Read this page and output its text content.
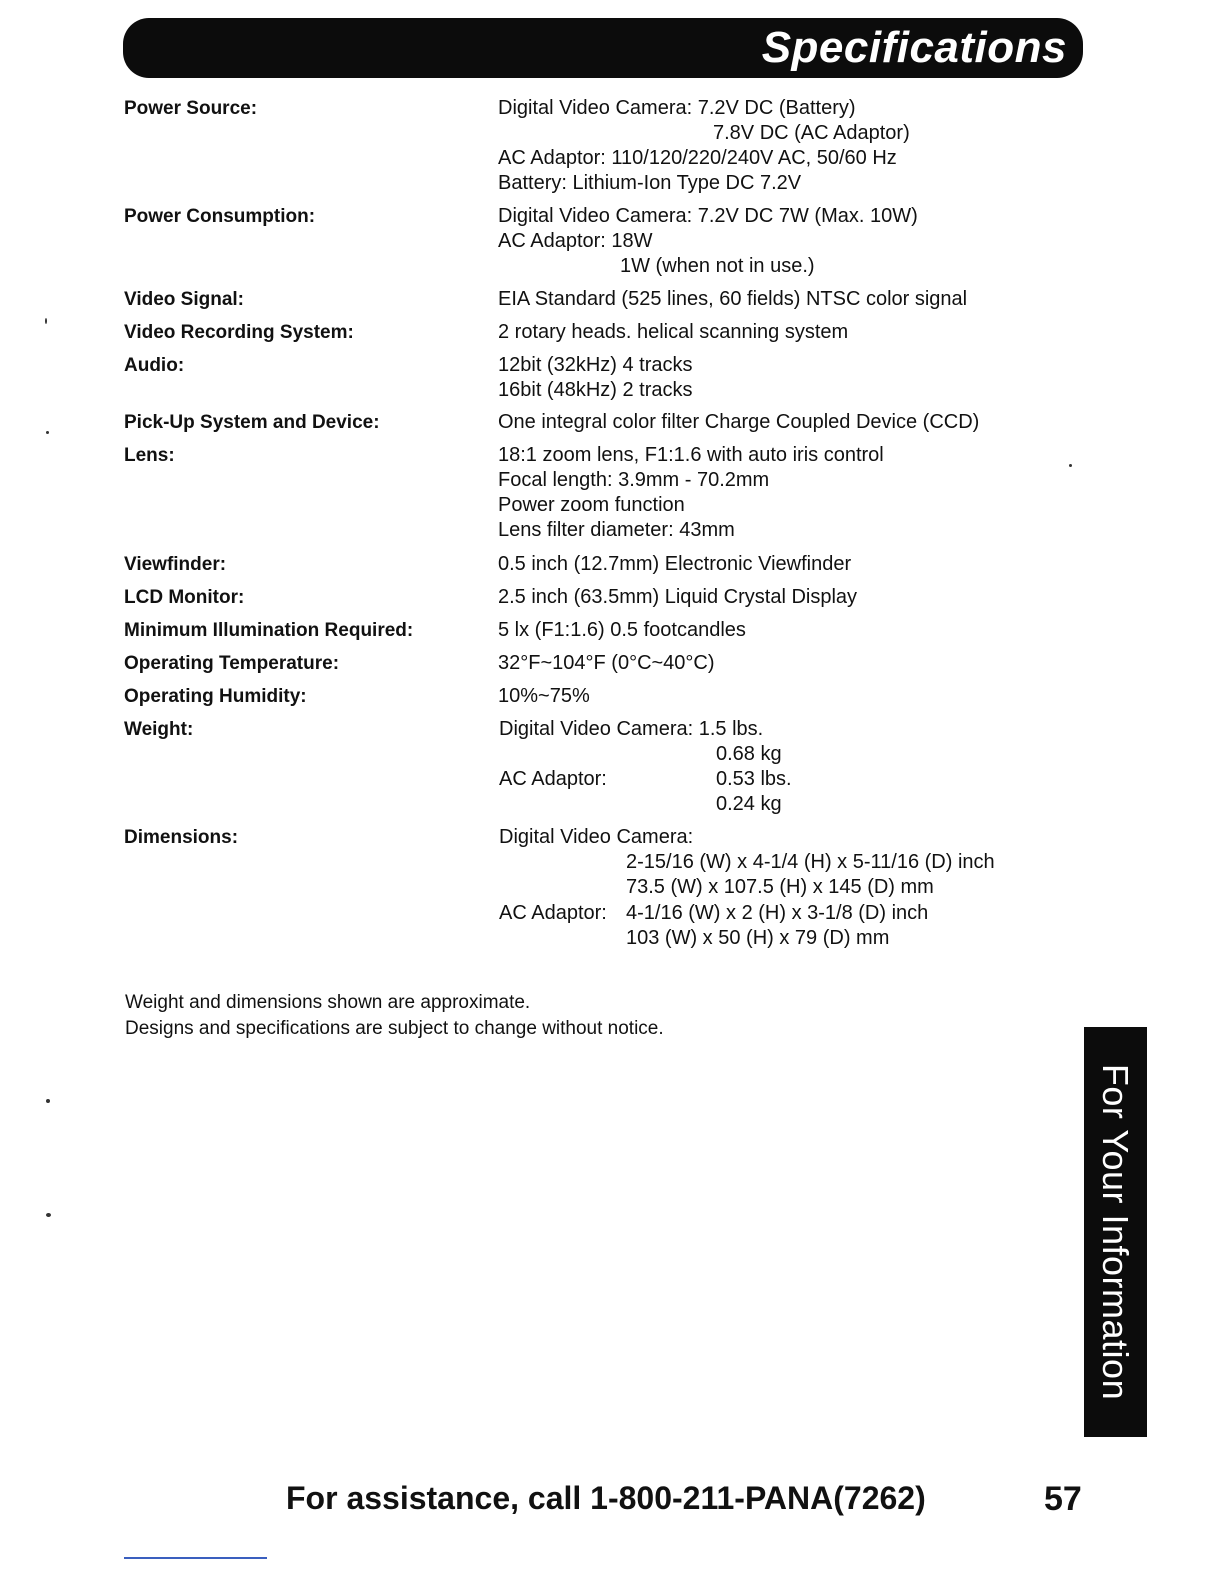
Specifications
Power Source:	Digital Video Camera: 7.2V DC (Battery)
7.8V DC (AC Adaptor)
AC Adaptor: 110/120/220/240V AC, 50/60 Hz
Battery: Lithium-Ion Type DC 7.2V
Power Consumption:	Digital Video Camera: 7.2V DC 7W (Max. 10W)
AC Adaptor: 18W
1W (when not in use.)
Video Signal:	EIA Standard (525 lines, 60 fields) NTSC color signal
Video Recording System:	2 rotary heads. helical scanning system
Audio:	12bit (32kHz) 4 tracks
16bit (48kHz) 2 tracks
Pick-Up System and Device:	One integral color filter Charge Coupled Device (CCD)
Lens:	18:1 zoom lens, F1:1.6 with auto iris control
Focal length: 3.9mm - 70.2mm
Power zoom function
Lens filter diameter: 43mm
Viewfinder:	0.5 inch (12.7mm) Electronic Viewfinder
LCD Monitor:	2.5 inch (63.5mm) Liquid Crystal Display
Minimum Illumination Required:	5 lx (F1:1.6) 0.5 footcandles
Operating Temperature:	32°F~104°F (0°C~40°C)
Operating Humidity:	10%~75%
Weight:	Digital Video Camera: 1.5 lbs.
0.68 kg
AC Adaptor:	0.53 lbs.
0.24 kg
Dimensions:	Digital Video Camera:
2-15/16 (W) x 4-1/4 (H) x 5-11/16 (D) inch
73.5 (W) x 107.5 (H) x 145 (D) mm
AC Adaptor: 4-1/16 (W) x 2 (H) x 3-1/8 (D) inch
103 (W) x 50 (H) x 79 (D) mm
Weight and dimensions shown are approximate.
Designs and specifications are subject to change without notice.
For Your Information
For assistance, call 1-800-211-PANA(7262)	57
